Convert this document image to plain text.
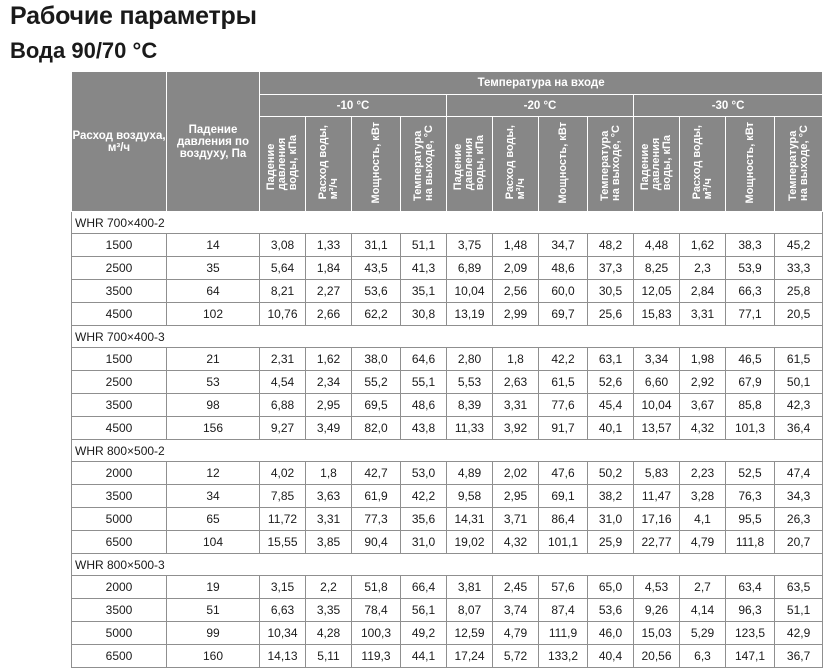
Рабочие параметры
Вода 90/70 °C
Расход воздуха, м³/ч	Падение давления по воздуху, Па	Температура на входе											
		-10 °C				-20 °C				-30 °C			
		Падение
давления
воды, кПа	Расход воды,
м³/ч	Мощность, кВт	Температура
на выходе, °C	Падение
давления
воды, кПа	Расход воды,
м³/ч	Мощность, кВт	Температура
на выходе, °C	Падение
давления
воды, кПа	Расход воды,
м³/ч	Мощность, кВт	Температура
на выходе, °C
WHR 700×400-2													
1500	14	3,08	1,33	31,1	51,1	3,75	1,48	34,7	48,2	4,48	1,62	38,3	45,2
2500	35	5,64	1,84	43,5	41,3	6,89	2,09	48,6	37,3	8,25	2,3	53,9	33,3
3500	64	8,21	2,27	53,6	35,1	10,04	2,56	60,0	30,5	12,05	2,84	66,3	25,8
4500	102	10,76	2,66	62,2	30,8	13,19	2,99	69,7	25,6	15,83	3,31	77,1	20,5
WHR 700×400-3													
1500	21	2,31	1,62	38,0	64,6	2,80	1,8	42,2	63,1	3,34	1,98	46,5	61,5
2500	53	4,54	2,34	55,2	55,1	5,53	2,63	61,5	52,6	6,60	2,92	67,9	50,1
3500	98	6,88	2,95	69,5	48,6	8,39	3,31	77,6	45,4	10,04	3,67	85,8	42,3
4500	156	9,27	3,49	82,0	43,8	11,33	3,92	91,7	40,1	13,57	4,32	101,3	36,4
WHR 800×500-2													
2000	12	4,02	1,8	42,7	53,0	4,89	2,02	47,6	50,2	5,83	2,23	52,5	47,4
3500	34	7,85	3,63	61,9	42,2	9,58	2,95	69,1	38,2	11,47	3,28	76,3	34,3
5000	65	11,72	3,31	77,3	35,6	14,31	3,71	86,4	31,0	17,16	4,1	95,5	26,3
6500	104	15,55	3,85	90,4	31,0	19,02	4,32	101,1	25,9	22,77	4,79	111,8	20,7
WHR 800×500-3													
2000	19	3,15	2,2	51,8	66,4	3,81	2,45	57,6	65,0	4,53	2,7	63,4	63,5
3500	51	6,63	3,35	78,4	56,1	8,07	3,74	87,4	53,6	9,26	4,14	96,3	51,1
5000	99	10,34	4,28	100,3	49,2	12,59	4,79	111,9	46,0	15,03	5,29	123,5	42,9
6500	160	14,13	5,11	119,3	44,1	17,24	5,72	133,2	40,4	20,56	6,3	147,1	36,7
